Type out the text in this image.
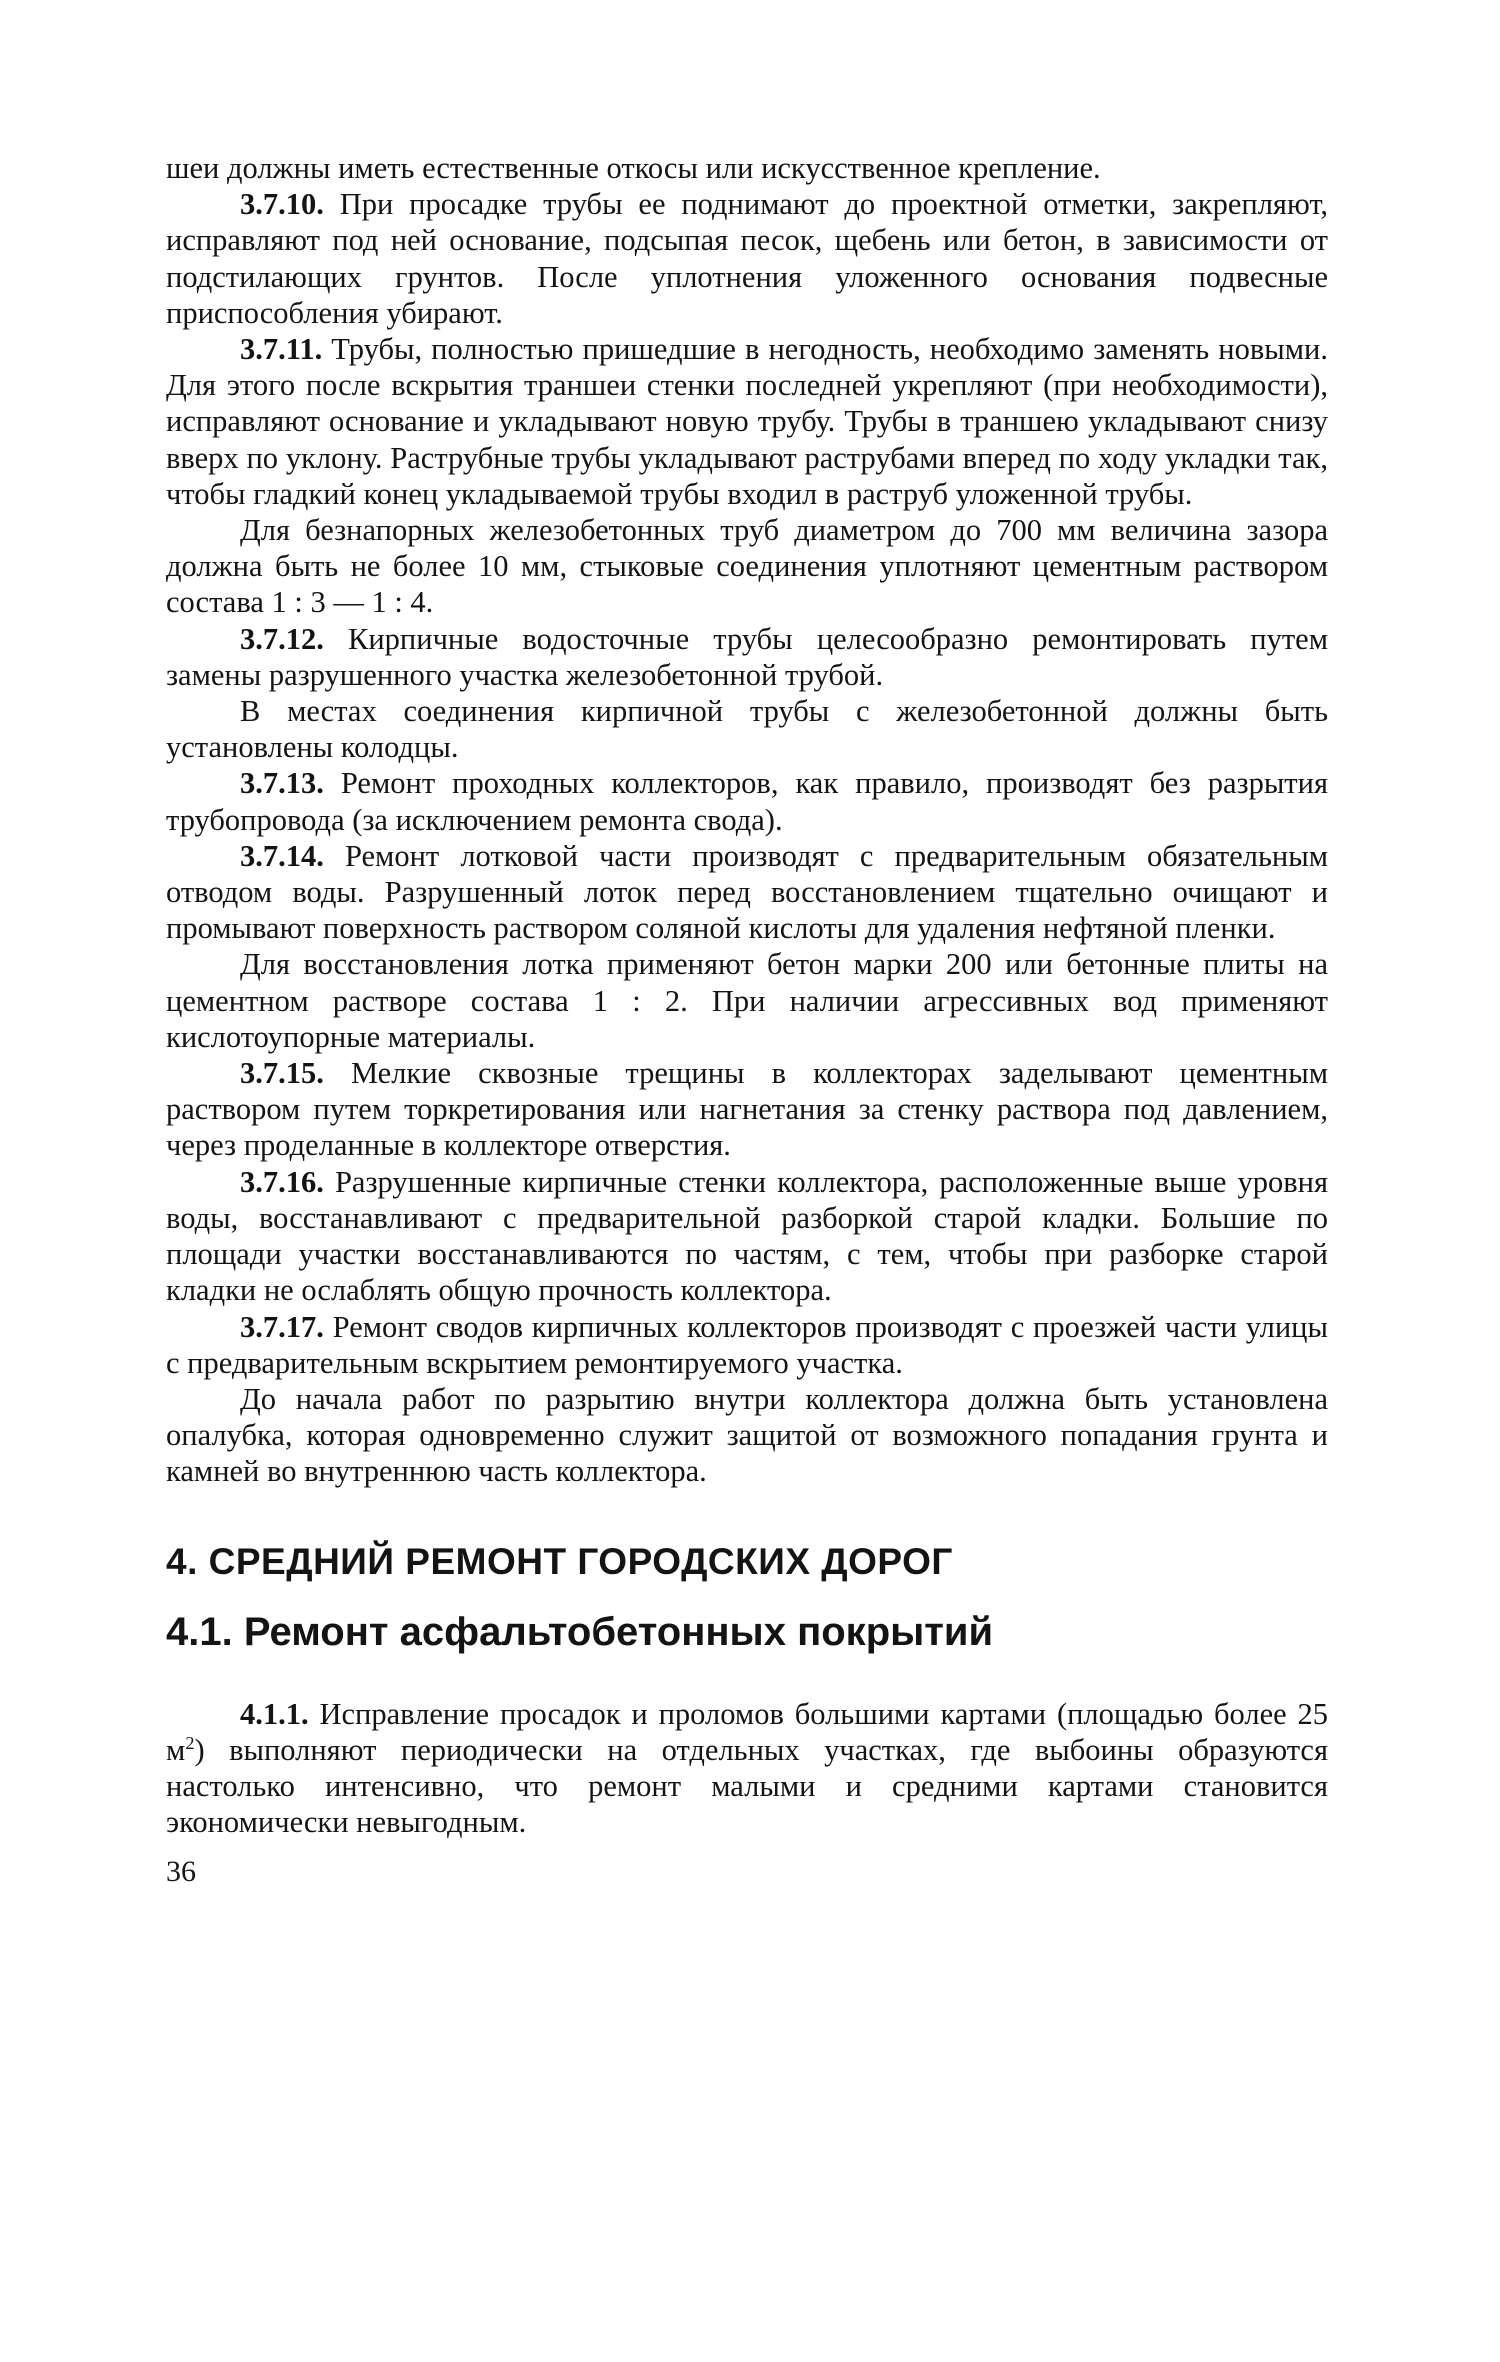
шеи должны иметь естественные откосы или искусственное крепление.

3.7.10. При просадке трубы ее поднимают до проектной отметки, закрепляют, исправляют под ней основание, подсыпая песок, щебень или бетон, в зависимости от подстилающих грунтов. После уплотнения уложенного основания подвесные приспособления убирают.

3.7.11. Трубы, полностью пришедшие в негодность, необходимо заменять новыми. Для этого после вскрытия траншеи стенки последней укрепляют (при необходимости), исправляют основание и укладывают новую трубу. Трубы в траншею укладывают снизу вверх по уклону. Раструбные трубы укладывают раструбами вперед по ходу укладки так, чтобы гладкий конец укладываемой трубы входил в раструб уложенной трубы.

Для безнапорных железобетонных труб диаметром до 700 мм величина зазора должна быть не более 10 мм, стыковые соединения уплотняют цементным раствором состава 1 : 3 — 1 : 4.

3.7.12. Кирпичные водосточные трубы целесообразно ремонтировать путем замены разрушенного участка железобетонной трубой.

В местах соединения кирпичной трубы с железобетонной должны быть установлены колодцы.

3.7.13. Ремонт проходных коллекторов, как правило, производят без разрытия трубопровода (за исключением ремонта свода).

3.7.14. Ремонт лотковой части производят с предварительным обязательным отводом воды. Разрушенный лоток перед восстановлением тщательно очищают и промывают поверхность раствором соляной кислоты для удаления нефтяной пленки.

Для восстановления лотка применяют бетон марки 200 или бетонные плиты на цементном растворе состава 1 : 2. При наличии агрессивных вод применяют кислотоупорные материалы.

3.7.15. Мелкие сквозные трещины в коллекторах заделывают цементным раствором путем торкретирования или нагнетания за стенку раствора под давлением, через проделанные в коллекторе отверстия.

3.7.16. Разрушенные кирпичные стенки коллектора, расположенные выше уровня воды, восстанавливают с предварительной разборкой старой кладки. Большие по площади участки восстанавливаются по частям, с тем, чтобы при разборке старой кладки не ослаблять общую прочность коллектора.

3.7.17. Ремонт сводов кирпичных коллекторов производят с проезжей части улицы с предварительным вскрытием ремонтируемого участка.

До начала работ по разрытию внутри коллектора должна быть установлена опалубка, которая одновременно служит защитой от возможного попадания грунта и камней во внутреннюю часть коллектора.

4. СРЕДНИЙ РЕМОНТ ГОРОДСКИХ ДОРОГ
4.1. Ремонт асфальтобетонных покрытий

4.1.1. Исправление просадок и проломов большими картами (площадью более 25 $м^2$) выполняют периодически на отдельных участках, где выбоины образуются настолько интенсивно, что ремонт малыми и средними картами становится экономически невыгодным.

36
